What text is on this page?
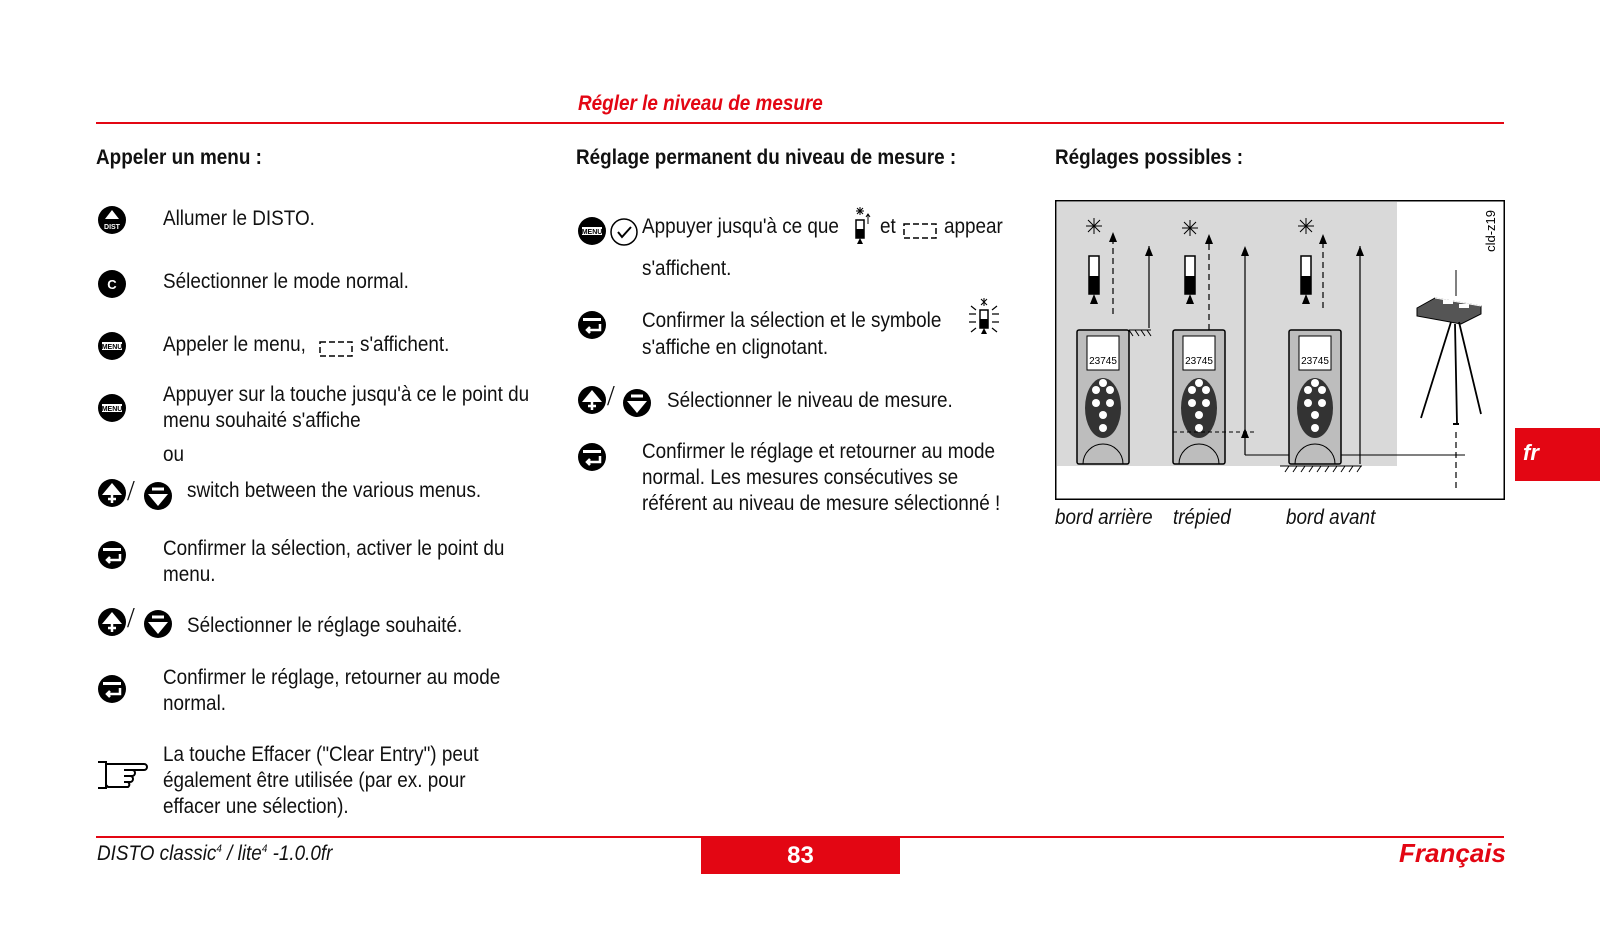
Régler le niveau de mesure
Appeler un menu :	Réglage permanent du niveau de mesure :	Réglages possibles :
DIST Allumer le DISTO.
C Sélectionner le mode normal.
Appeler le menu,	s'affichent.
Appuyer sur la touche jusqu'à ce le point du
menu souhaité s'affiche
ou
/ switch between the various menus.
Confirmer la sélection, activer le point du
menu.
/ Sélectionner le réglage souhaité.
Confirmer le réglage, retourner au mode
normal.
La touche Effacer ("Clear Entry") peut
également être utilisée (par ex. pour
effacer une sélection).
Appuyer jusqu'à ce que et appear
s'affichent.
Confirmer la sélection et le symbole
s'affiche en clignotant.
/ Sélectionner le niveau de mesure.
Confirmer le réglage et retourner au mode
normal. Les mesures consécutives se
référent au niveau de mesure sélectionné !
cld-z19
23745	23745	23745
bord arrière trépied	bord avant
fr
DISTO classic$^4$ / lite$^4$ -1.0.0fr	83	Français
